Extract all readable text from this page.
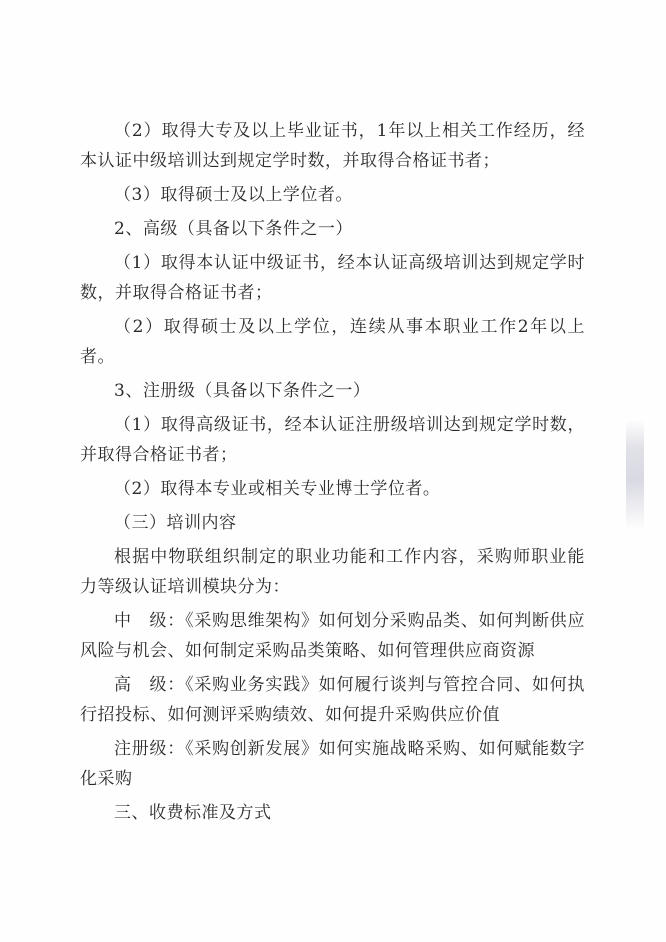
（2）取得大专及以上毕业证书，1年以上相关工作经历，经本认证中级培训达到规定学时数，并取得合格证书者；

（3）取得硕士及以上学位者。

2、高级（具备以下条件之一）

（1）取得本认证中级证书，经本认证高级培训达到规定学时数，并取得合格证书者；

（2）取得硕士及以上学位，连续从事本职业工作2年以上者。

3、注册级（具备以下条件之一）

（1）取得高级证书，经本认证注册级培训达到规定学时数，并取得合格证书者；

（2）取得本专业或相关专业博士学位者。

（三）培训内容

根据中物联组织制定的职业功能和工作内容，采购师职业能力等级认证培训模块分为：

中　级：《采购思维架构》如何划分采购品类、如何判断供应风险与机会、如何制定采购品类策略、如何管理供应商资源

高　级：《采购业务实践》如何履行谈判与管控合同、如何执行招投标、如何测评采购绩效、如何提升采购供应价值

注册级：《采购创新发展》如何实施战略采购、如何赋能数字化采购

三、收费标准及方式
